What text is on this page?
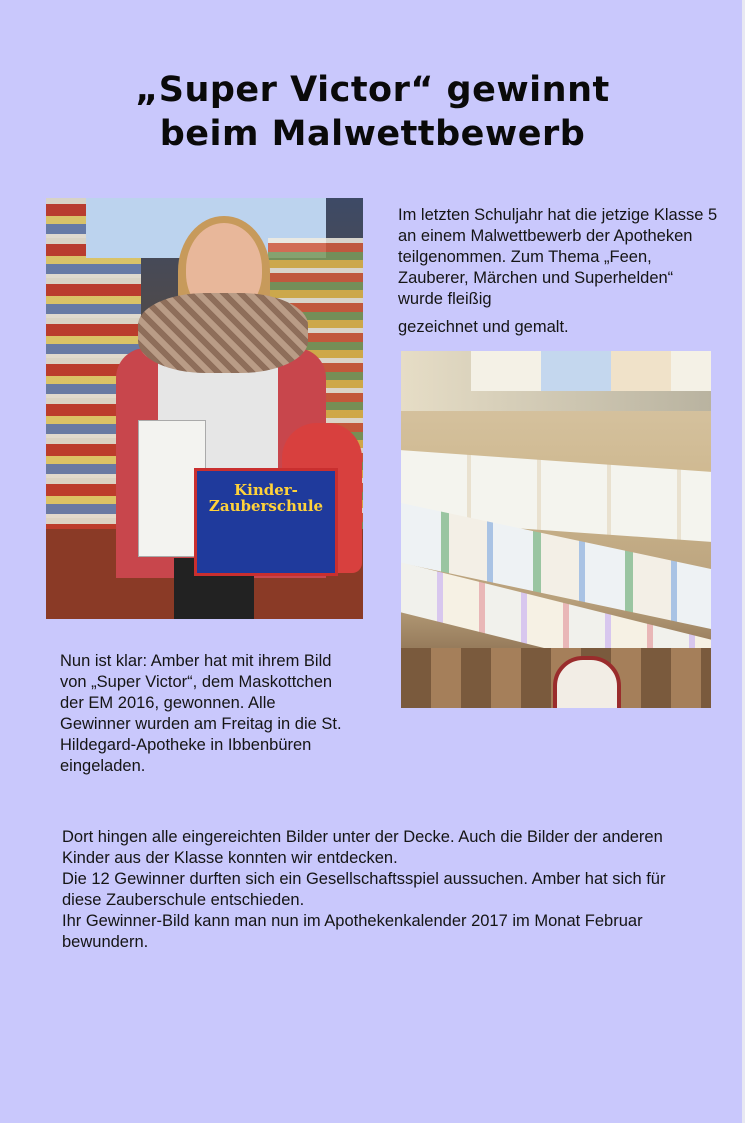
„Super Victor“ gewinnt
beim Malwettbewerb
Kinder-Zauberschule
Im letzten Schuljahr hat die jetzige Klasse 5 an einem Malwettbewerb der Apotheken teilgenommen. Zum Thema „Feen, Zauberer, Märchen und Superhelden“ wurde fleißig
gezeichnet und gemalt.
Nun ist klar: Amber hat mit ihrem Bild von „Super Victor“, dem Maskottchen der EM 2016, gewonnen. Alle Gewinner wurden am Freitag in die St. Hildegard-Apotheke in Ibbenbüren eingeladen.

Dort hingen alle eingereichten Bilder unter der Decke. Auch die Bilder der anderen Kinder aus der Klasse konnten wir entdecken.

Die 12 Gewinner durften sich ein Gesellschaftsspiel aussuchen. Amber hat sich für diese Zauberschule entschieden.

Ihr Gewinner-Bild kann man nun im Apothekenkalender 2017 im Monat Februar bewundern.
